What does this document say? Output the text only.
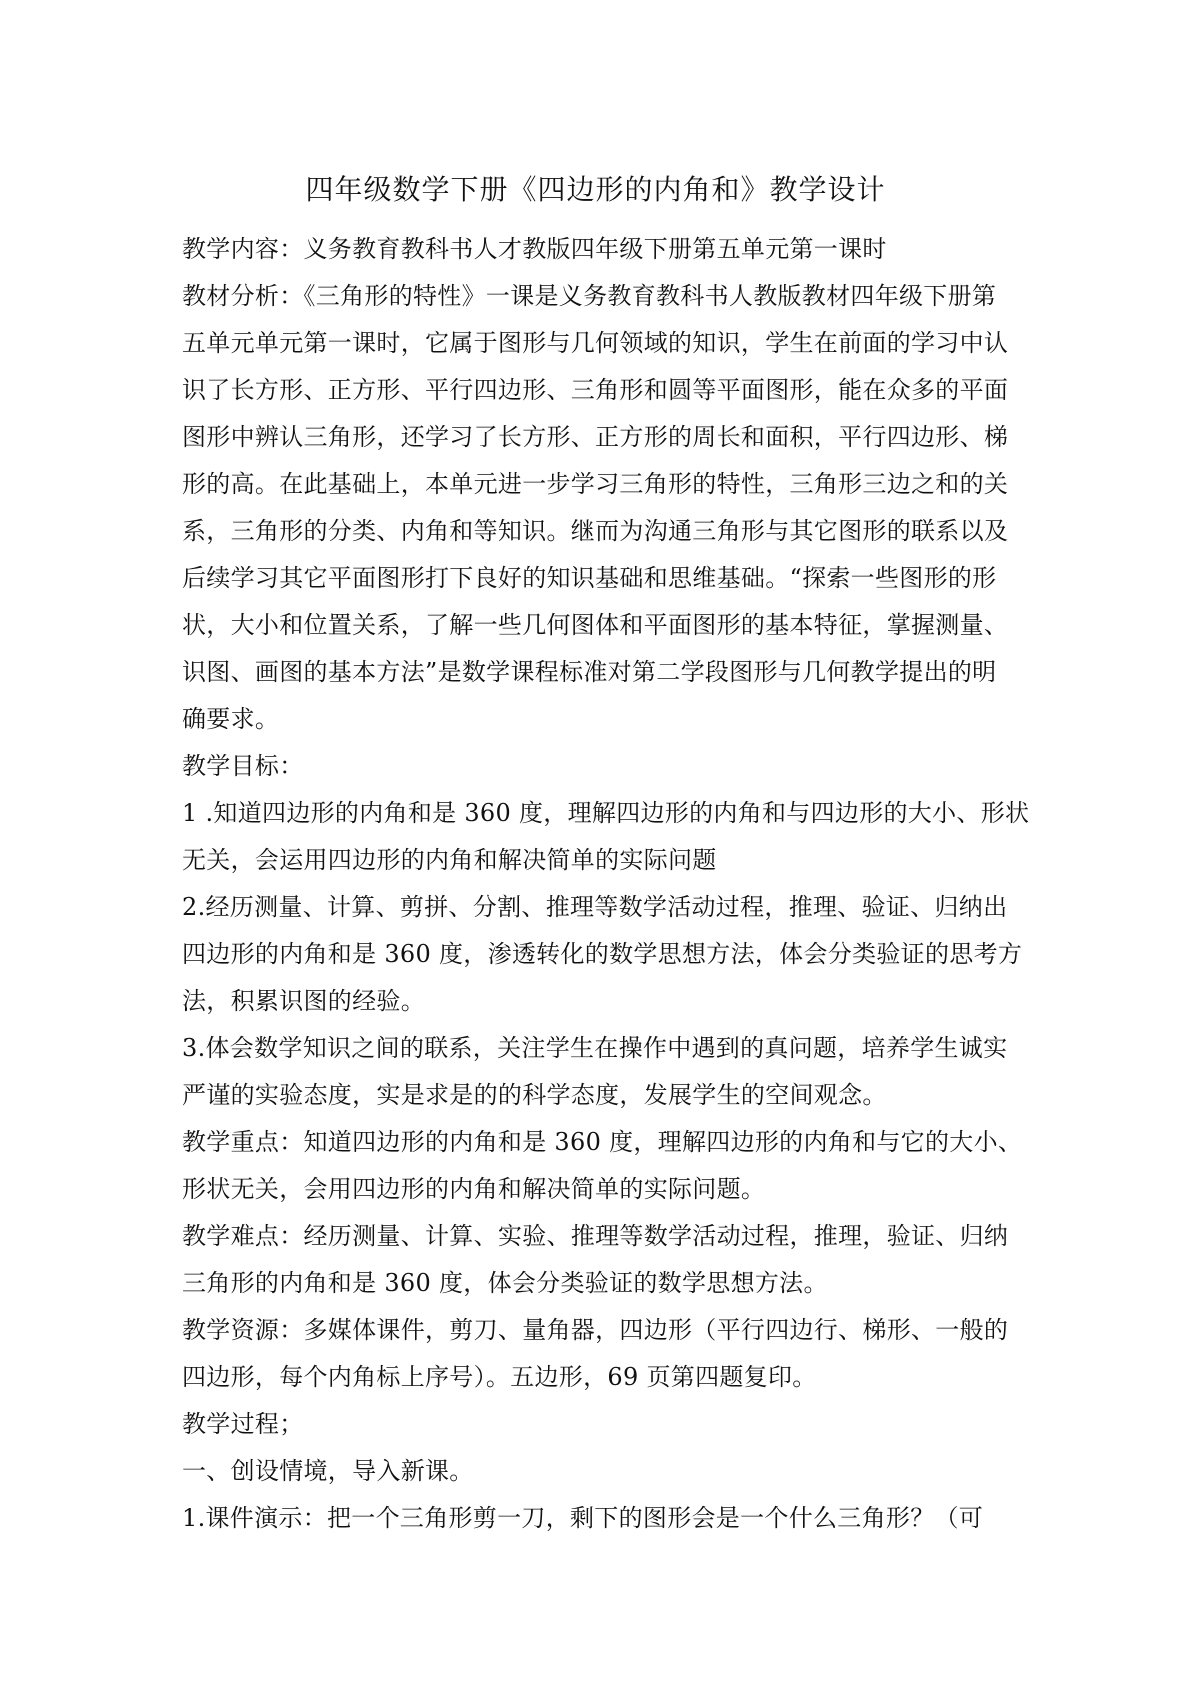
四年级数学下册《四边形的内角和》教学设计
教学内容：义务教育教科书人才教版四年级下册第五单元第一课时
教材分析：《三角形的特性》一课是义务教育教科书人教版教材四年级下册第
五单元单元第一课时，它属于图形与几何领域的知识，学生在前面的学习中认
识了长方形、正方形、平行四边形、三角形和圆等平面图形，能在众多的平面
图形中辨认三角形，还学习了长方形、正方形的周长和面积，平行四边形、梯
形的高。在此基础上，本单元进一步学习三角形的特性，三角形三边之和的关
系，三角形的分类、内角和等知识。继而为沟通三角形与其它图形的联系以及
后续学习其它平面图形打下良好的知识基础和思维基础。“探索一些图形的形
状，大小和位置关系，了解一些几何图体和平面图形的基本特征，掌握测量、
识图、画图的基本方法”是数学课程标准对第二学段图形与几何教学提出的明
确要求。
教学目标：
1 .知道四边形的内角和是 360 度，理解四边形的内角和与四边形的大小、形状
无关，会运用四边形的内角和解决简单的实际问题
2.经历测量、计算、剪拼、分割、推理等数学活动过程，推理、验证、归纳出
四边形的内角和是 360 度，渗透转化的数学思想方法，体会分类验证的思考方
法，积累识图的经验。
3.体会数学知识之间的联系，关注学生在操作中遇到的真问题，培养学生诚实
严谨的实验态度，实是求是的的科学态度，发展学生的空间观念。
教学重点：知道四边形的内角和是 360 度，理解四边形的内角和与它的大小、
形状无关，会用四边形的内角和解决简单的实际问题。
教学难点：经历测量、计算、实验、推理等数学活动过程，推理，验证、归纳
三角形的内角和是 360 度，体会分类验证的数学思想方法。
教学资源：多媒体课件，剪刀、量角器，四边形（平行四边行、梯形、一般的
四边形，每个内角标上序号）。五边形，69 页第四题复印。
教学过程；
一、创设情境，导入新课。
1.课件演示：把一个三角形剪一刀，剩下的图形会是一个什么三角形？（可
